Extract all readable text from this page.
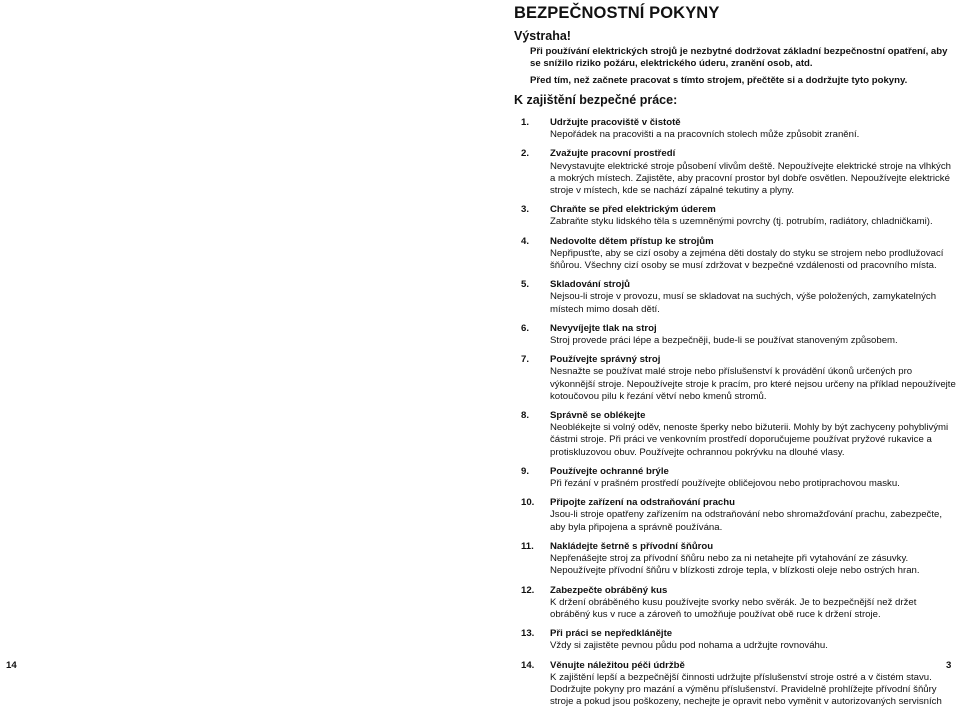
BEZPEČNOSTNÍ POKYNY
Výstraha!

Při používání elektrických strojů je nezbytné dodržovat základní bezpečnostní opatření, aby se snížilo riziko požáru, elektrického úderu, zranění osob, atd.

Před tím, než začnete pracovat s tímto strojem, přečtěte si a dodržujte tyto pokyny.

K zajištění bezpečné práce:
1.	Udržujte pracoviště v čistotě
Nepořádek na pracovišti a na pracovních stolech může způsobit zranění.
2.	Zvažujte pracovní prostředí
Nevystavujte elektrické stroje působení vlivům deště. Nepoužívejte elektrické stroje na vlhkých a mokrých místech. Zajistěte, aby pracovní prostor byl dobře osvětlen. Nepoužívejte elektrické stroje v místech, kde se nachází zápalné tekutiny a plyny.
3.	Chraňte se před elektrickým úderem
Zabraňte styku lidského těla s uzemněnými povrchy (tj. potrubím, radiátory, chladničkami).
4.	Nedovolte dětem přístup ke strojům
Nepřipusťte, aby se cizí osoby a zejména děti dostaly do styku se strojem nebo prodlužovací šňůrou. Všechny cizí osoby se musí zdržovat v bezpečné vzdálenosti od pracovního místa.
5.	Skladování strojů
Nejsou-li stroje v provozu, musí se skladovat na suchých, výše položených, zamykatelných místech mimo dosah dětí.
6.	Nevyvíjejte tlak na stroj
Stroj provede práci lépe a bezpečněji, bude-li se používat stanoveným způsobem.
7.	Používejte správný stroj
Nesnažte se používat malé stroje nebo příslušenství k provádění úkonů určených pro výkonnější stroje. Nepoužívejte stroje k pracím, pro které nejsou určeny na příklad nepoužívejte kotoučovou pilu k řezání větví nebo kmenů stromů.
8.	Správně se oblékejte
Neoblékejte si volný oděv, nenoste šperky nebo bižuterii. Mohly by být zachyceny pohyblivými částmi stroje. Při práci ve venkovním prostředí doporučujeme používat pryžové rukavice a protiskluzovou obuv. Používejte ochrannou pokrývku na dlouhé vlasy.
9.	Používejte ochranné brýle
Při řezání v prašném prostředí používejte obličejovou nebo protiprachovou masku.
10.	Připojte zařízení na odstraňování prachu
Jsou-li stroje opatřeny zařízením na odstraňování nebo shromažďování prachu, zabezpečte, aby byla připojena a správně používána.
11.	Nakládejte šetrně s přívodní šňůrou
Nepřenášejte stroj za přívodní šňůru nebo za ni netahejte při vytahování ze zásuvky. Nepoužívejte přívodní šňůru v blízkosti zdroje tepla, v blízkosti oleje nebo ostrých hran.
12.	Zabezpečte obráběný kus
K držení obráběného kusu používejte svorky nebo svěrák. Je to bezpečnější než držet obráběný kus v ruce a zároveň to umožňuje používat obě ruce k držení stroje.
13.	Při práci se nepředklánějte
Vždy si zajistěte pevnou půdu pod nohama a udržujte rovnováhu.
14.	Věnujte náležitou péči údržbě
K zajištění lepší a bezpečnější činnosti udržujte příslušenství stroje ostré a v čistém stavu. Dodržujte pokyny pro mazání a výměnu příslušenství. Pravidelně prohlížejte přívodní šňůry stroje a pokud jsou poškozeny, nechejte je opravit nebo vyměnit v autorizovaných servisních
14	3
